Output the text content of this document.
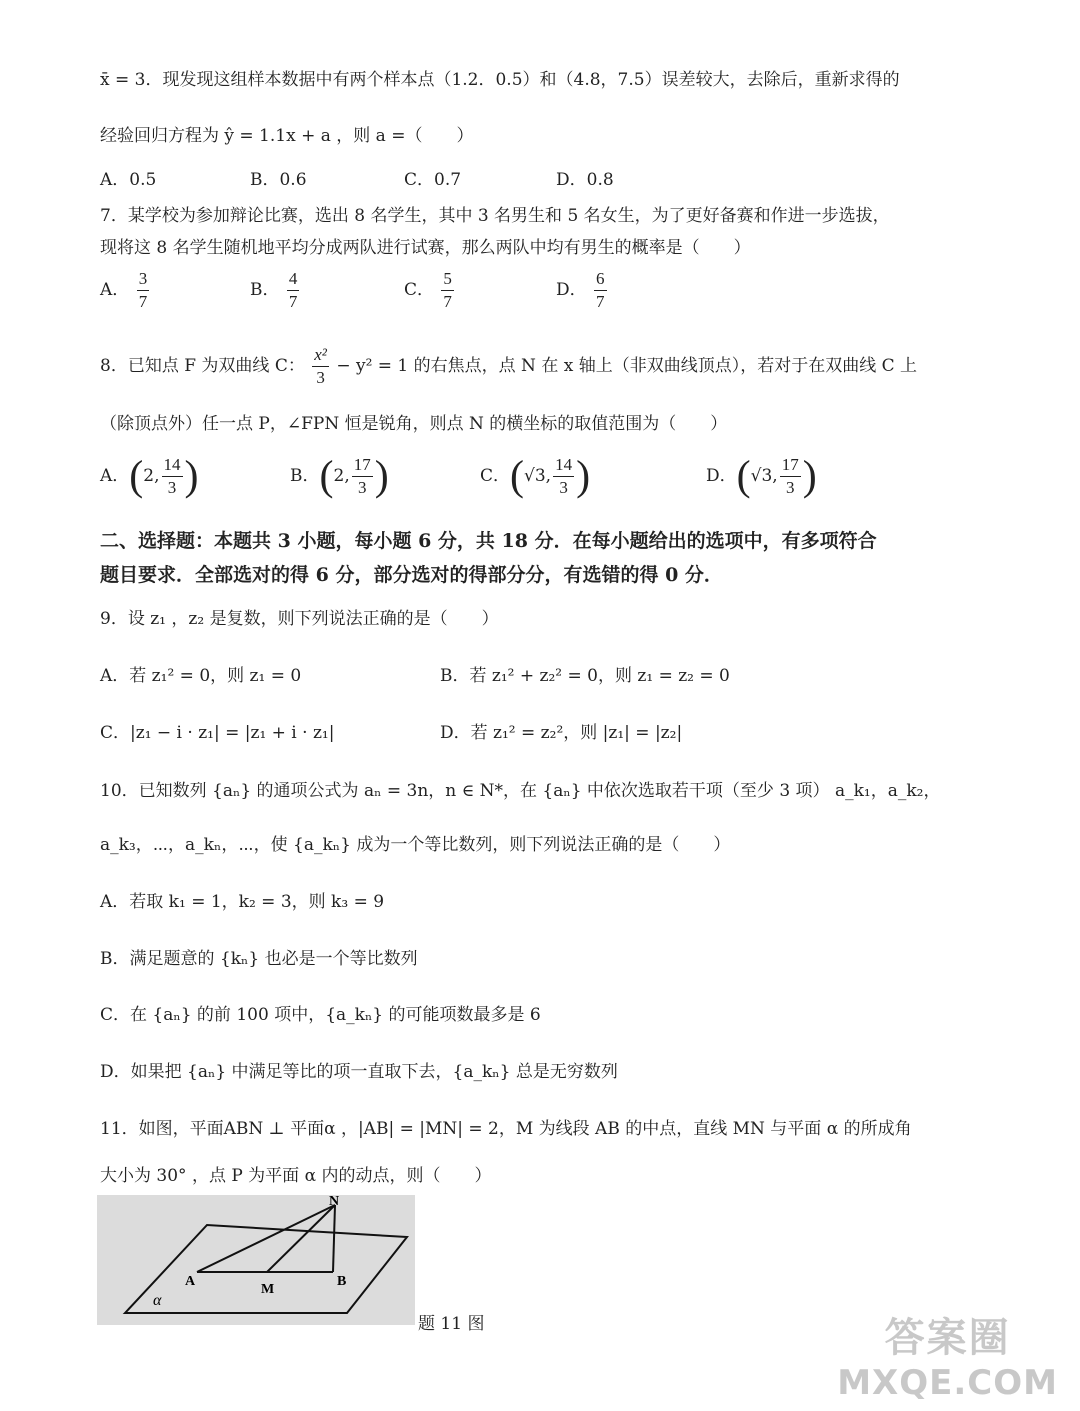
x̄ = 3．现发现这组样本数据中有两个样本点（1.2．0.5）和（4.8，7.5）误差较大，去除后，重新求得的
经验回归方程为 ŷ = 1.1x + a ，则 a =（　　）
A．0.5	B．0.6	C．0.7	D．0.8
7．某学校为参加辩论比赛，选出 8 名学生，其中 3 名男生和 5 名女生，为了更好备赛和作进一步选拔，
现将这 8 名学生随机地平均分成两队进行试赛，那么两队中均有男生的概率是（　　）
A． $\frac{3}{7}$	B． $\frac{4}{7}$	C． $\frac{5}{7}$	D． $\frac{6}{7}$
8．已知点 F 为双曲线 C： $\frac{\text{x²}}{3} - y^2 = 1$ 的右焦点，点 N 在 x 轴上（非双曲线顶点），若对于在双曲线 C 上
（除顶点外）任一点 P，∠FPN 恒是锐角，则点 N 的横坐标的取值范围为（　　）
A．(2, $\frac{14}{3}$ )	B．(2, $\frac{17}{3}$ )	C．(√3, $\frac{14}{3}$ )	D．(√3, $\frac{17}{3}$ )
二、选择题：本题共 3 小题，每小题 6 分，共 18 分．在每小题给出的选项中，有多项符合
题目要求．全部选对的得 6 分，部分选对的得部分分，有选错的得 0 分．
9．设 z₁ ，z₂ 是复数，则下列说法正确的是（　　）
A．若 z₁² = 0，则 z₁ = 0	B．若 z₁² + z₂² = 0，则 z₁ = z₂ = 0
C．|z₁ − i · z₁| = |z₁ + i · z₁|	D．若 z₁² = z₂²，则 |z₁| = |z₂|
10．已知数列 {aₙ} 的通项公式为 aₙ = 3n，n ∈ N*，在 {aₙ} 中依次选取若干项（至少 3 项） a_k₁，a_k₂，
a_k₃，⋯，a_kₙ，⋯，使 {a_kₙ} 成为一个等比数列，则下列说法正确的是（　　）
A．若取 k₁ = 1，k₂ = 3，则 k₃ = 9
B．满足题意的 {kₙ} 也必是一个等比数列
C．在 {aₙ} 的前 100 项中，{a_kₙ} 的可能项数最多是 6
D．如果把 {aₙ} 中满足等比的项一直取下去，{a_kₙ} 总是无穷数列
11．如图，平面ABN ⊥ 平面α ，|AB| = |MN| = 2，M 为线段 AB 的中点，直线 MN 与平面 α 的所成角
大小为 30° ，点 P 为平面 α 内的动点，则（　　）
N
A
M
B
α
题 11 图	答案圈
MXQE.COM
